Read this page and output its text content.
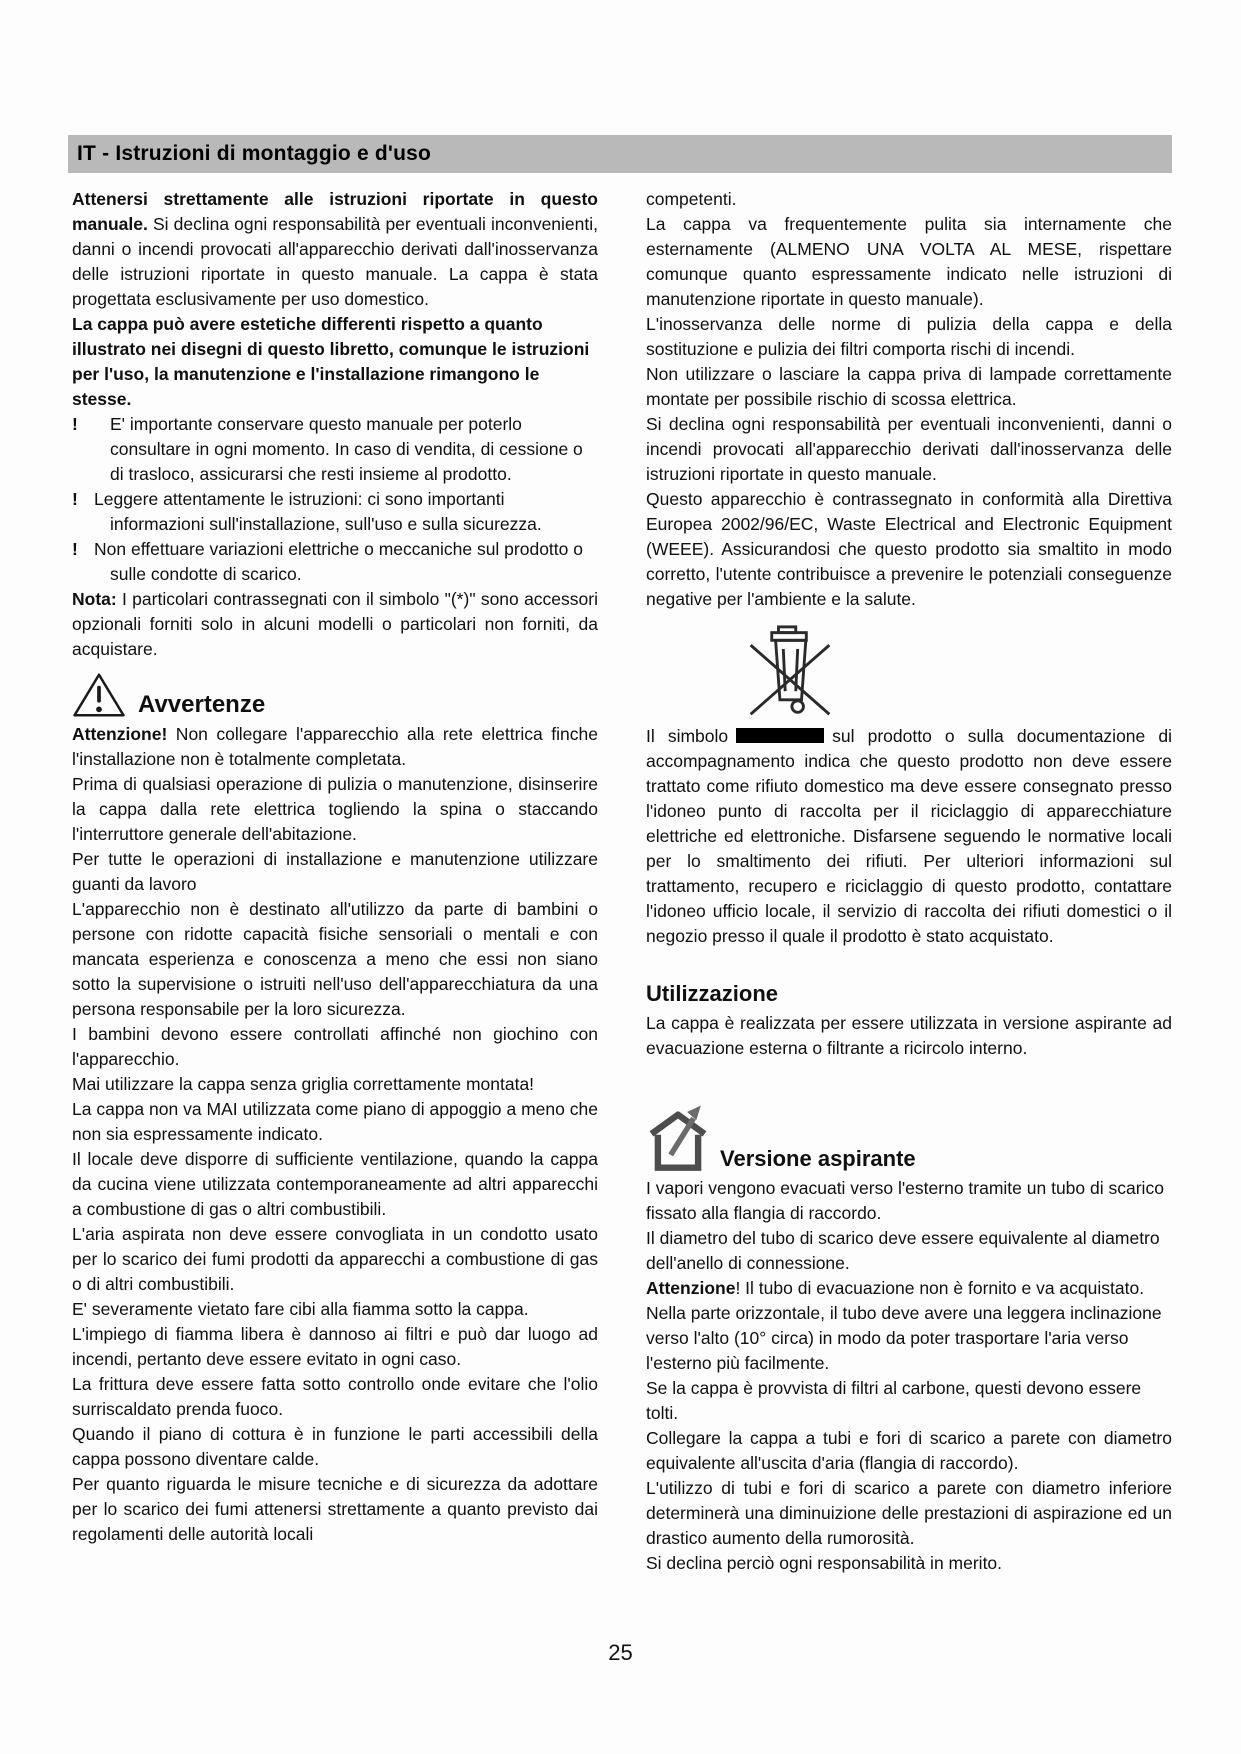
IT - Istruzioni di montaggio e d'uso

Attenersi strettamente alle istruzioni riportate in questo manuale. Si declina ogni responsabilità per eventuali inconvenienti, danni o incendi provocati all'apparecchio derivati dall'inosservanza delle istruzioni riportate in questo manuale. La cappa è stata progettata esclusivamente per uso domestico.

La cappa può avere estetiche differenti rispetto a quanto illustrato nei disegni di questo libretto, comunque le istruzioni per l'uso, la manutenzione e l'installazione rimangono le stesse.

! E' importante conservare questo manuale per poterlo consultare in ogni momento. In caso di vendita, di cessione o di trasloco, assicurarsi che resti insieme al prodotto.

! Leggere attentamente le istruzioni: ci sono importanti informazioni sull'installazione, sull'uso e sulla sicurezza.

! Non effettuare variazioni elettriche o meccaniche sul prodotto o sulle condotte di scarico.

Nota: I particolari contrassegnati con il simbolo "(*)" sono accessori opzionali forniti solo in alcuni modelli o particolari non forniti, da acquistare.

Avvertenze

Attenzione! Non collegare l'apparecchio alla rete elettrica finche l'installazione non è totalmente completata.

Prima di qualsiasi operazione di pulizia o manutenzione, disinserire la cappa dalla rete elettrica togliendo la spina o staccando l'interruttore generale dell'abitazione.

Per tutte le operazioni di installazione e manutenzione utilizzare guanti da lavoro

L'apparecchio non è destinato all'utilizzo da parte di bambini o persone con ridotte capacità fisiche sensoriali o mentali e con mancata esperienza e conoscenza a meno che essi non siano sotto la supervisione o istruiti nell'uso dell'apparecchiatura da una persona responsabile per la loro sicurezza.

I bambini devono essere controllati affinché non giochino con l'apparecchio.

Mai utilizzare la cappa senza griglia correttamente montata!

La cappa non va MAI utilizzata come piano di appoggio a meno che non sia espressamente indicato.

Il locale deve disporre di sufficiente ventilazione, quando la cappa da cucina viene utilizzata contemporaneamente ad altri apparecchi a combustione di gas o altri combustibili.

L'aria aspirata non deve essere convogliata in un condotto usato per lo scarico dei fumi prodotti da apparecchi a combustione di gas o di altri combustibili.

E' severamente vietato fare cibi alla fiamma sotto la cappa.

L'impiego di fiamma libera è dannoso ai filtri e può dar luogo ad incendi, pertanto deve essere evitato in ogni caso.

La frittura deve essere fatta sotto controllo onde evitare che l'olio surriscaldato prenda fuoco.

Quando il piano di cottura è in funzione le parti accessibili della cappa possono diventare calde.

Per quanto riguarda le misure tecniche e di sicurezza da adottare per lo scarico dei fumi attenersi strettamente a quanto previsto dai regolamenti delle autorità locali

competenti.

La cappa va frequentemente pulita sia internamente che esternamente (ALMENO UNA VOLTA AL MESE, rispettare comunque quanto espressamente indicato nelle istruzioni di manutenzione riportate in questo manuale).

L'inosservanza delle norme di pulizia della cappa e della sostituzione e pulizia dei filtri comporta rischi di incendi.

Non utilizzare o lasciare la cappa priva di lampade correttamente montate per possibile rischio di scossa elettrica.

Si declina ogni responsabilità per eventuali inconvenienti, danni o incendi provocati all'apparecchio derivati dall'inosservanza delle istruzioni riportate in questo manuale.

Questo apparecchio è contrassegnato in conformità alla Direttiva Europea 2002/96/EC, Waste Electrical and Electronic Equipment (WEEE). Assicurandosi che questo prodotto sia smaltito in modo corretto, l'utente contribuisce a prevenire le potenziali conseguenze negative per l'ambiente e la salute.

Il simbolo	sul prodotto o sulla documentazione di accompagnamento indica che questo prodotto non deve essere trattato come rifiuto domestico ma deve essere consegnato presso l'idoneo punto di raccolta per il riciclaggio di apparecchiature elettriche ed elettroniche. Disfarsene seguendo le normative locali per lo smaltimento dei rifiuti. Per ulteriori informazioni sul trattamento, recupero e riciclaggio di questo prodotto, contattare l'idoneo ufficio locale, il servizio di raccolta dei rifiuti domestici o il negozio presso il quale il prodotto è stato acquistato.

Utilizzazione

La cappa è realizzata per essere utilizzata in versione aspirante ad evacuazione esterna o filtrante a ricircolo interno.

Versione aspirante

I vapori vengono evacuati verso l'esterno tramite un tubo di scarico fissato alla flangia di raccordo.

Il diametro del tubo di scarico deve essere equivalente al diametro dell'anello di connessione.

Attenzione! Il tubo di evacuazione non è fornito e va acquistato.

Nella parte orizzontale, il tubo deve avere una leggera inclinazione verso l'alto (10° circa) in modo da poter trasportare l'aria verso l'esterno più facilmente.

Se la cappa è provvista di filtri al carbone, questi devono essere tolti.

Collegare la cappa a tubi e fori di scarico a parete con diametro equivalente all'uscita d'aria (flangia di raccordo).

L'utilizzo di tubi e fori di scarico a parete con diametro inferiore determinerà una diminuizione delle prestazioni di aspirazione ed un drastico aumento della rumorosità.

Si declina perciò ogni responsabilità in merito.

25
